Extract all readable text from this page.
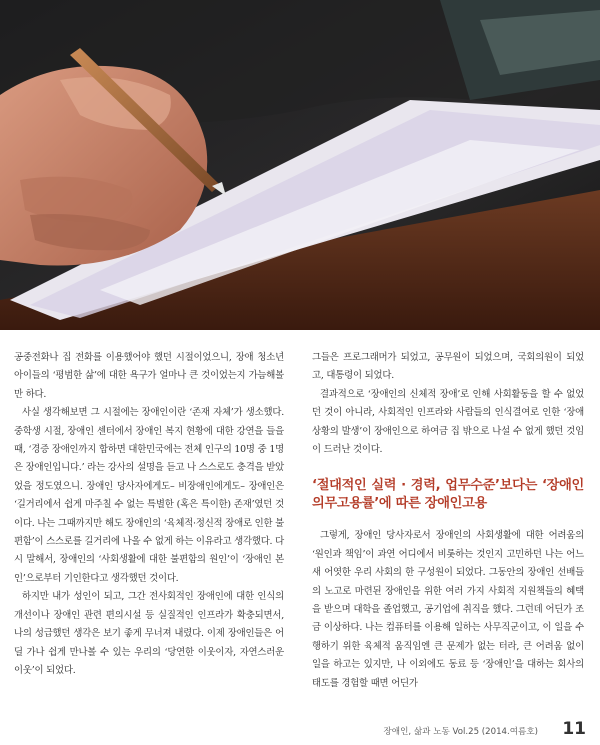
공중전화나 집 전화를 이용했어야 했던 시절이었으니, 장애 청소년 아이들의 ‘평범한 삶’에 대한 욕구가 얼마나 큰 것이었는지 가늠해볼만 하다.

사실 생각해보면 그 시절에는 장애인이란 ‘존재 자체’가 생소했다. 중학생 시절, 장애인 센터에서 장애인 복지 현황에 대한 강연을 들을 때, ‘경증 장애인까지 합하면 대한민국에는 전체 인구의 10명 중 1명은 장애인입니다.’ 라는 강사의 설명을 듣고 나 스스로도 충격을 받았었을 정도였으니. 장애인 당사자에게도– 비장애인에게도– 장애인은 ‘길거리에서 쉽게 마주칠 수 없는 특별한 (혹은 특이한) 존재’였던 것이다. 나는 그때까지만 해도 장애인의 ‘육체적·정신적 장애로 인한 불편함’이 스스로를 길거리에 나올 수 없게 하는 이유라고 생각했다. 다시 말해서, 장애인의 ‘사회생활에 대한 불편함의 원인’이 ‘장애인 본인’으로부터 기인한다고 생각했던 것이다.

하지만 내가 성인이 되고, 그간 전사회적인 장애인에 대한 인식의 개선이나 장애인 관련 편의시설 등 실질적인 인프라가 확충되면서, 나의 성급했던 생각은 보기 좋게 무너져 내렸다. 이제 장애인들은 어딜 가나 쉽게 만나볼 수 있는 우리의 ‘당연한 이웃이자, 자연스러운 이웃’이 되었다.

그들은 프로그래머가 되었고, 공무원이 되었으며, 국회의원이 되었고, 대통령이 되었다.

결과적으로 ‘장애인의 신체적 장애’로 인해 사회활동을 할 수 없었던 것이 아니라, 사회적인 인프라와 사람들의 인식결여로 인한 ‘장애 상황의 발생’이 장애인으로 하여금 집 밖으로 나설 수 없게 했던 것임이 드러난 것이다.

‘절대적인 실력 · 경력, 업무수준’보다는 ‘장애인 의무고용률’에 따른 장애인고용

그렇게, 장애인 당사자로서 장애인의 사회생활에 대한 어려움의 ‘원인과 책임’이 과연 어디에서 비롯하는 것인지 고민하던 나는 어느새 어엿한 우리 사회의 한 구성원이 되었다. 그동안의 장애인 선배들의 노고로 마련된 장애인을 위한 여러 가지 사회적 지원책들의 혜택을 받으며 대학을 졸업했고, 공기업에 취직을 했다. 그런데 어딘가 조금 이상하다. 나는 컴퓨터를 이용해 일하는 사무직군이고, 이 일을 수행하기 위한 육체적 움직임엔 큰 문제가 없는 터라, 큰 어려움 없이 일을 하고는 있지만, 나 이외에도 동료 등 ‘장애인’을 대하는 회사의 태도를 경험할 때면 어딘가

장애인, 삶과 노동 Vol.25 (2014.여름호) 11
